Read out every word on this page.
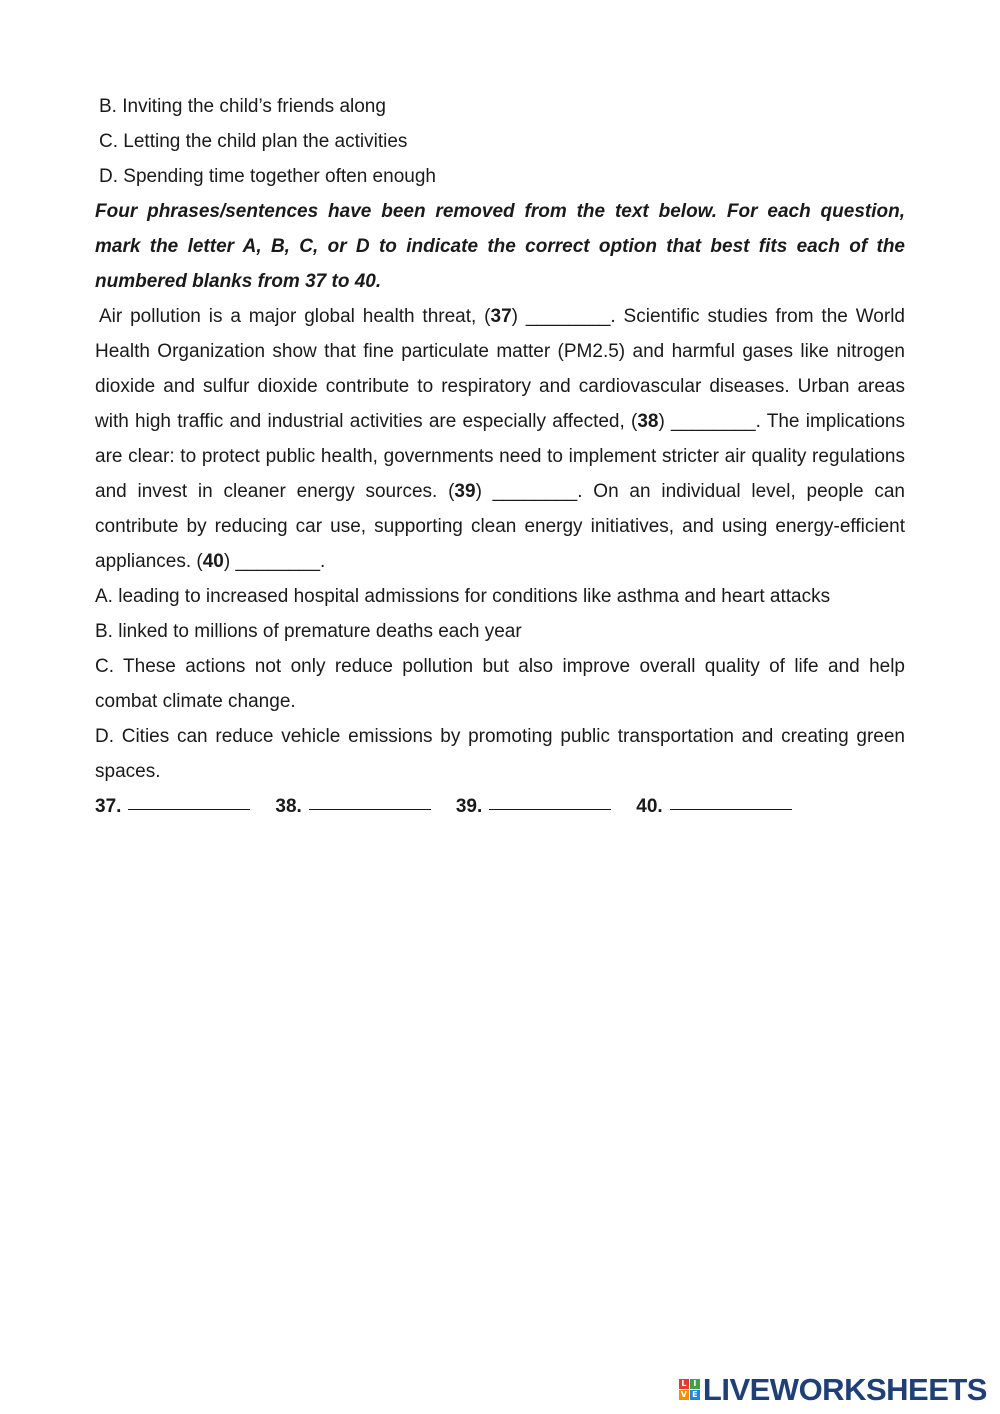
B. Inviting the child’s friends along
C. Letting the child plan the activities
D. Spending time together often enough
Four phrases/sentences have been removed from the text below. For each question,
mark the letter A, B, C, or D to indicate the correct option that best fits each of the
numbered blanks from 37 to 40.
Air pollution is a major global health threat, (37) ________. Scientific studies from the World Health Organization show that fine particulate matter (PM2.5) and harmful gases like nitrogen dioxide and sulfur dioxide contribute to respiratory and cardiovascular diseases. Urban areas with high traffic and industrial activities are especially affected, (38) ________. The implications are clear: to protect public health, governments need to implement stricter air quality regulations and invest in cleaner energy sources. (39) ________. On an individual level, people can contribute by reducing car use, supporting clean energy initiatives, and using energy-efficient appliances. (40) ________.
A. leading to increased hospital admissions for conditions like asthma and heart attacks
B. linked to millions of premature deaths each year
C. These actions not only reduce pollution but also improve overall quality of life and help combat climate change.
D. Cities can reduce vehicle emissions by promoting public transportation and creating green spaces.
37.	38.	39.	40.
L I
V E LIVEWORKSHEETS
